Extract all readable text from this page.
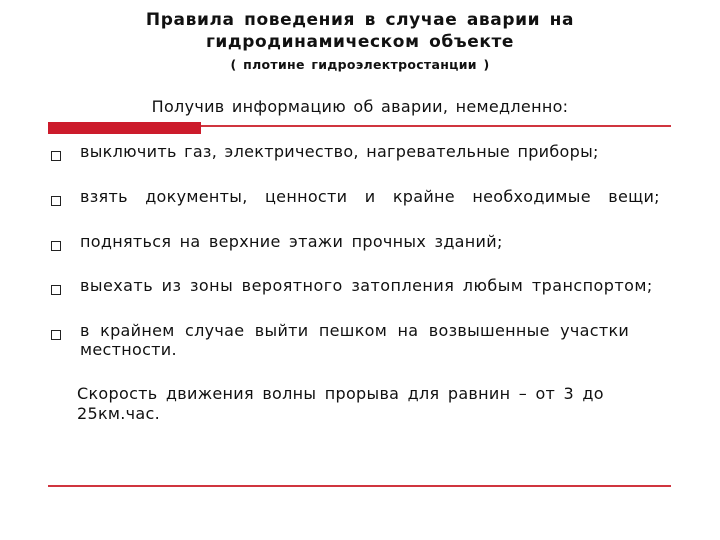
Правила поведения в случае аварии на
гидродинамическом объекте
( плотине гидроэлектростанции )
Получив информацию об аварии, немедленно:
выключить газ, электричество, нагревательные приборы;
взять документы, ценности и крайне необходимые вещи;
подняться на верхние этажи прочных зданий;
выехать из зоны вероятного затопления любым транспортом;
в крайнем случае выйти пешком на возвышенные участки
местности.
Скорость движения волны прорыва для равнин – от 3 до
25км.час.
